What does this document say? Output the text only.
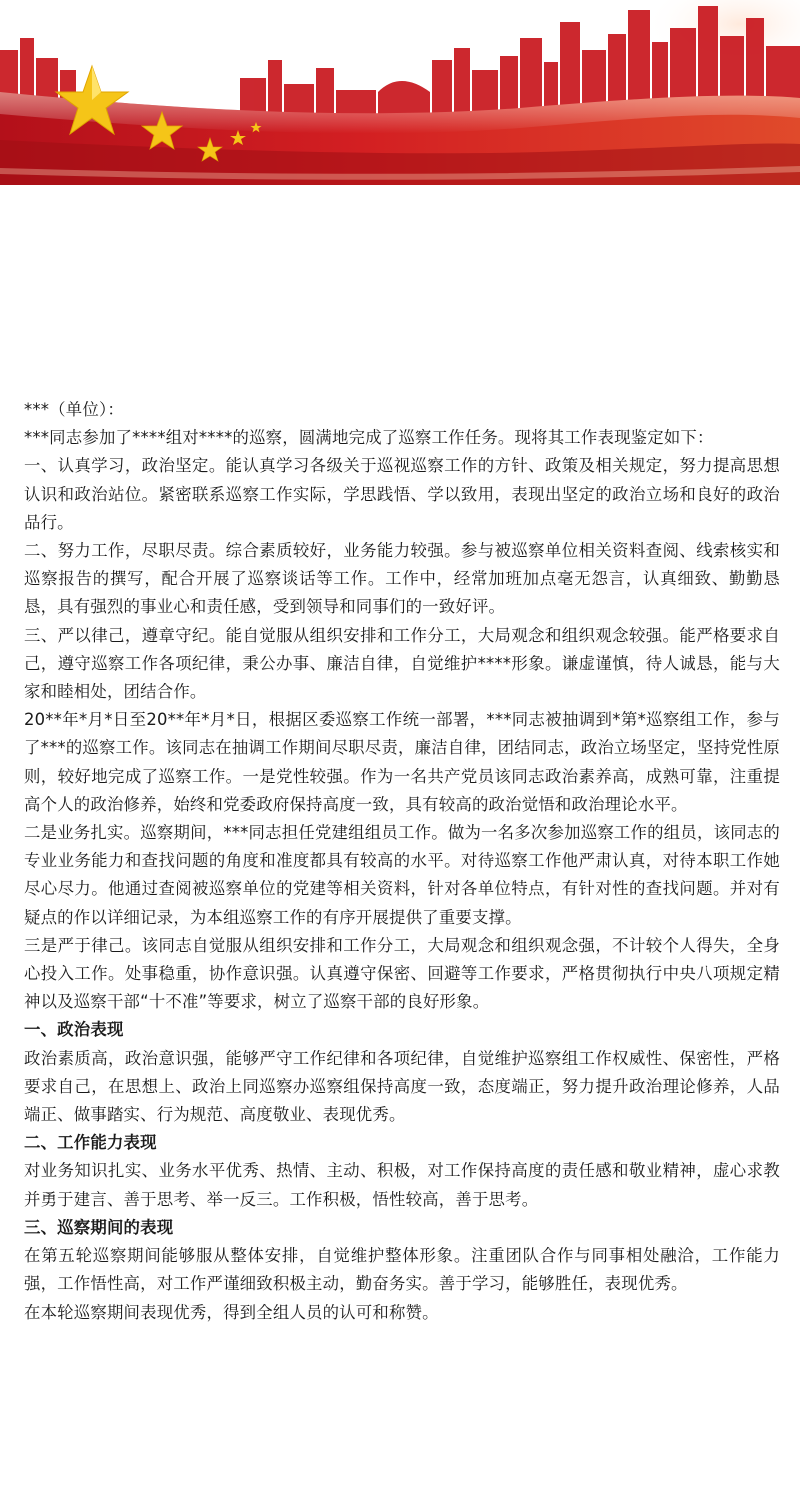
***（单位）：

***同志参加了****组对****的巡察，圆满地完成了巡察工作任务。现将其工作表现鉴定如下：

一、认真学习，政治坚定。能认真学习各级关于巡视巡察工作的方针、政策及相关规定，努力提高思想认识和政治站位。紧密联系巡察工作实际，学思践悟、学以致用，表现出坚定的政治立场和良好的政治品行。

二、努力工作，尽职尽责。综合素质较好，业务能力较强。参与被巡察单位相关资料查阅、线索核实和巡察报告的撰写，配合开展了巡察谈话等工作。工作中，经常加班加点毫无怨言，认真细致、勤勤恳恳，具有强烈的事业心和责任感，受到领导和同事们的一致好评。

三、严以律己，遵章守纪。能自觉服从组织安排和工作分工，大局观念和组织观念较强。能严格要求自己，遵守巡察工作各项纪律，秉公办事、廉洁自律，自觉维护****形象。谦虚谨慎，待人诚恳，能与大家和睦相处，团结合作。

20**年*月*日至20**年*月*日，根据区委巡察工作统一部署，***同志被抽调到*第*巡察组工作，参与了***的巡察工作。该同志在抽调工作期间尽职尽责，廉洁自律，团结同志，政治立场坚定，坚持党性原则，较好地完成了巡察工作。一是党性较强。作为一名共产党员该同志政治素养高，成熟可靠，注重提高个人的政治修养，始终和党委政府保持高度一致，具有较高的政治觉悟和政治理论水平。

二是业务扎实。巡察期间，***同志担任党建组组员工作。做为一名多次参加巡察工作的组员，该同志的专业业务能力和查找问题的角度和准度都具有较高的水平。对待巡察工作他严肃认真，对待本职工作她尽心尽力。他通过查阅被巡察单位的党建等相关资料，针对各单位特点，有针对性的查找问题。并对有疑点的作以详细记录，为本组巡察工作的有序开展提供了重要支撑。

三是严于律己。该同志自觉服从组织安排和工作分工，大局观念和组织观念强，不计较个人得失，全身心投入工作。处事稳重，协作意识强。认真遵守保密、回避等工作要求，严格贯彻执行中央八项规定精神以及巡察干部“十不准”等要求，树立了巡察干部的良好形象。

一、政治表现

政治素质高，政治意识强，能够严守工作纪律和各项纪律，自觉维护巡察组工作权威性、保密性，严格要求自己，在思想上、政治上同巡察办巡察组保持高度一致，态度端正，努力提升政治理论修养，人品端正、做事踏实、行为规范、高度敬业、表现优秀。

二、工作能力表现

对业务知识扎实、业务水平优秀、热情、主动、积极，对工作保持高度的责任感和敬业精神，虚心求教并勇于建言、善于思考、举一反三。工作积极，悟性较高，善于思考。

三、巡察期间的表现

在第五轮巡察期间能够服从整体安排，自觉维护整体形象。注重团队合作与同事相处融洽，工作能力强，工作悟性高，对工作严谨细致积极主动，勤奋务实。善于学习，能够胜任，表现优秀。

在本轮巡察期间表现优秀，得到全组人员的认可和称赞。
